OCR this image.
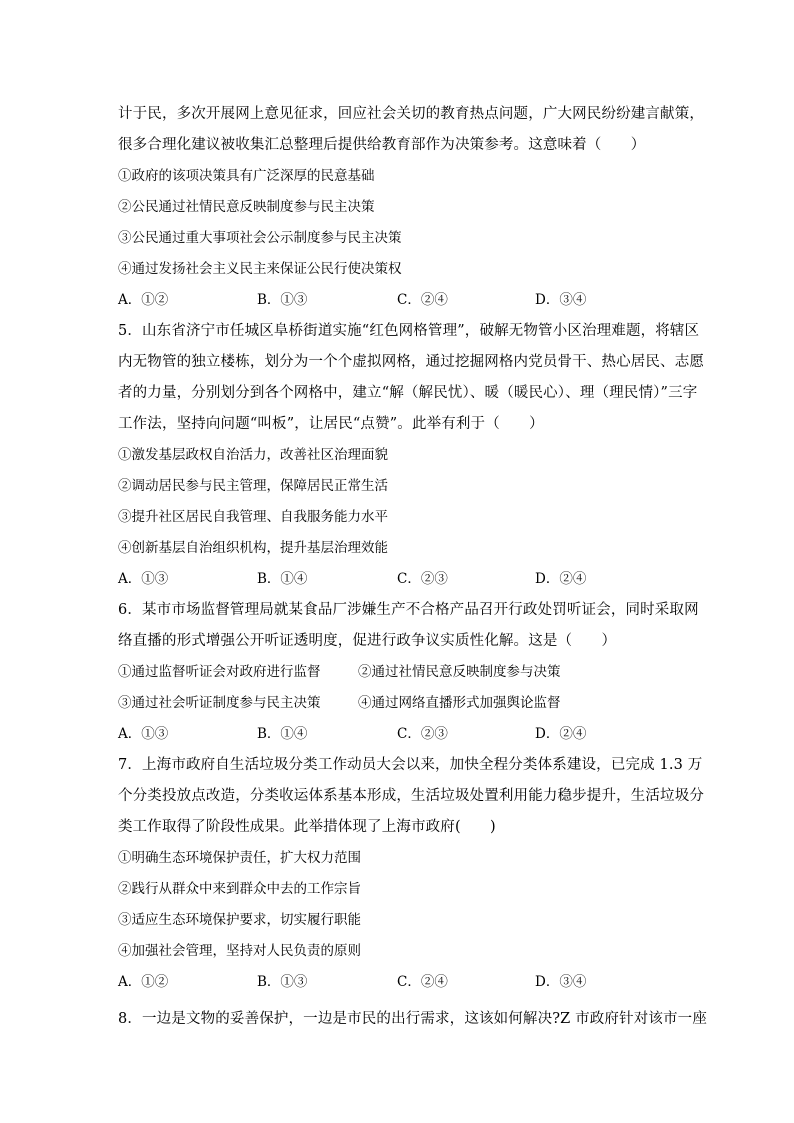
计于民，多次开展网上意见征求，回应社会关切的教育热点问题，广大网民纷纷建言献策，
很多合理化建议被收集汇总整理后提供给教育部作为决策参考。这意味着（　　）
①政府的该项决策具有广泛深厚的民意基础
②公民通过社情民意反映制度参与民主决策
③公民通过重大事项社会公示制度参与民主决策
④通过发扬社会主义民主来保证公民行使决策权
A．①②	B．①③	C．②④	D．③④
5．山东省济宁市任城区阜桥街道实施“红色网格管理”，破解无物管小区治理难题，将辖区
内无物管的独立楼栋，划分为一个个虚拟网格，通过挖掘网格内党员骨干、热心居民、志愿
者的力量，分别划分到各个网格中，建立“解（解民忧）、暖（暖民心）、理（理民情）”三字
工作法，坚持向问题“叫板”，让居民“点赞”。此举有利于（　　）
①激发基层政权自治活力，改善社区治理面貌
②调动居民参与民主管理，保障居民正常生活
③提升社区居民自我管理、自我服务能力水平
④创新基层自治组织机构，提升基层治理效能
A．①③	B．①④	C．②③	D．②④
6．某市市场监督管理局就某食品厂涉嫌生产不合格产品召开行政处罚听证会，同时采取网
络直播的形式增强公开听证透明度，促进行政争议实质性化解。这是（　　）
①通过监督听证会对政府进行监督	②通过社情民意反映制度参与决策
③通过社会听证制度参与民主决策	④通过网络直播形式加强舆论监督
A．①③	B．①④	C．②③	D．②④
7．上海市政府自生活垃圾分类工作动员大会以来，加快全程分类体系建设，已完成 1.3 万
个分类投放点改造，分类收运体系基本形成，生活垃圾处置利用能力稳步提升，生活垃圾分
类工作取得了阶段性成果。此举措体现了上海市政府(　　)
①明确生态环境保护责任，扩大权力范围
②践行从群众中来到群众中去的工作宗旨
③适应生态环境保护要求，切实履行职能
④加强社会管理，坚持对人民负责的原则
A．①②	B．①③	C．②④	D．③④
8．一边是文物的妥善保护，一边是市民的出行需求，这该如何解决?Z 市政府针对该市一座
